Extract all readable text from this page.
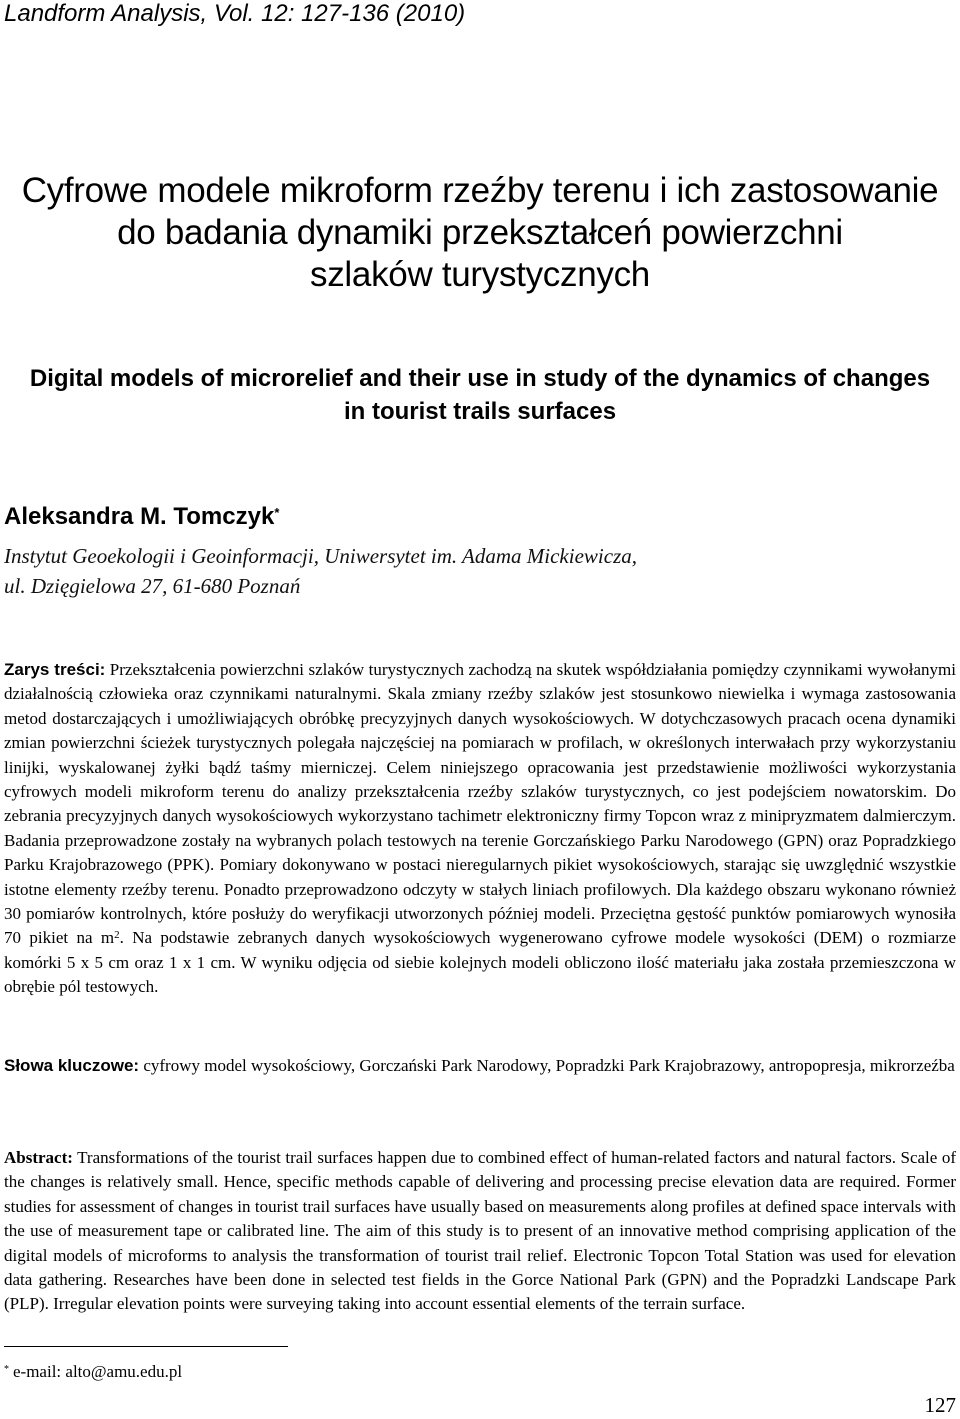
Landform Analysis, Vol. 12: 127-136 (2010)
Cyfrowe modele mikroform rzeźby terenu i ich zastosowanie
do badania dynamiki przekształceń powierzchni
szlaków turystycznych
Digital models of microrelief and their use in study of the dynamics of changes
in tourist trails surfaces
Aleksandra M. Tomczyk*
Instytut Geoekologii i Geoinformacji, Uniwersytet im. Adama Mickiewicza,
ul. Dzięgielowa 27, 61-680 Poznań
Zarys treści: Przekształcenia powierzchni szlaków turystycznych zachodzą na skutek współdziałania pomiędzy czynnikami wywołanymi działalnością człowieka oraz czynnikami naturalnymi. Skala zmiany rzeźby szlaków jest stosunkowo niewielka i wymaga zastosowania metod dostarczających i umożliwiających obróbkę precyzyjnych danych wysokościowych. W dotychczasowych pracach ocena dynamiki zmian powierzchni ścieżek turystycznych polegała najczęściej na pomiarach w profilach, w określonych interwałach przy wykorzystaniu linijki, wyskalowanej żyłki bądź taśmy mierniczej. Celem niniejszego opracowania jest przedstawienie możliwości wykorzystania cyfrowych modeli mikroform terenu do analizy przekształcenia rzeźby szlaków turystycznych, co jest podejściem nowatorskim. Do zebrania precyzyjnych danych wysokościowych wykorzystano tachimetr elektroniczny firmy Topcon wraz z minipryzmatem dalmierczym. Badania przeprowadzone zostały na wybranych polach testowych na terenie Gorczańskiego Parku Narodowego (GPN) oraz Popradzkiego Parku Krajobrazowego (PPK). Pomiary dokonywano w postaci nieregularnych pikiet wysokościowych, starając się uwzględnić wszystkie istotne elementy rzeźby terenu. Ponadto przeprowadzono odczyty w stałych liniach profilowych. Dla każdego obszaru wykonano również 30 pomiarów kontrolnych, które posłuży do weryfikacji utworzonych później modeli. Przeciętna gęstość punktów pomiarowych wynosiła 70 pikiet na $m^2$. Na podstawie zebranych danych wysokościowych wygenerowano cyfrowe modele wysokości (DEM) o rozmiarze komórki 5 x 5 cm oraz 1 x 1 cm. W wyniku odjęcia od siebie kolejnych modeli obliczono ilość materiału jaka została przemieszczona w obrębie pól testowych.
Słowa kluczowe: cyfrowy model wysokościowy, Gorczański Park Narodowy, Popradzki Park Krajobrazowy, antropopresja, mikrorzeźba
Abstract: Transformations of the tourist trail surfaces happen due to combined effect of human-related factors and natural factors. Scale of the changes is relatively small. Hence, specific methods capable of delivering and processing precise elevation data are required. Former studies for assessment of changes in tourist trail surfaces have usually based on measurements along profiles at defined space intervals with the use of measurement tape or calibrated line. The aim of this study is to present of an innovative method comprising application of the digital models of microforms to analysis the transformation of tourist trail relief. Electronic Topcon Total Station was used for elevation data gathering. Researches have been done in selected test fields in the Gorce National Park (GPN) and the Popradzki Landscape Park (PLP). Irregular elevation points were surveying taking into account essential elements of the terrain surface.
* e-mail: alto@amu.edu.pl
127
